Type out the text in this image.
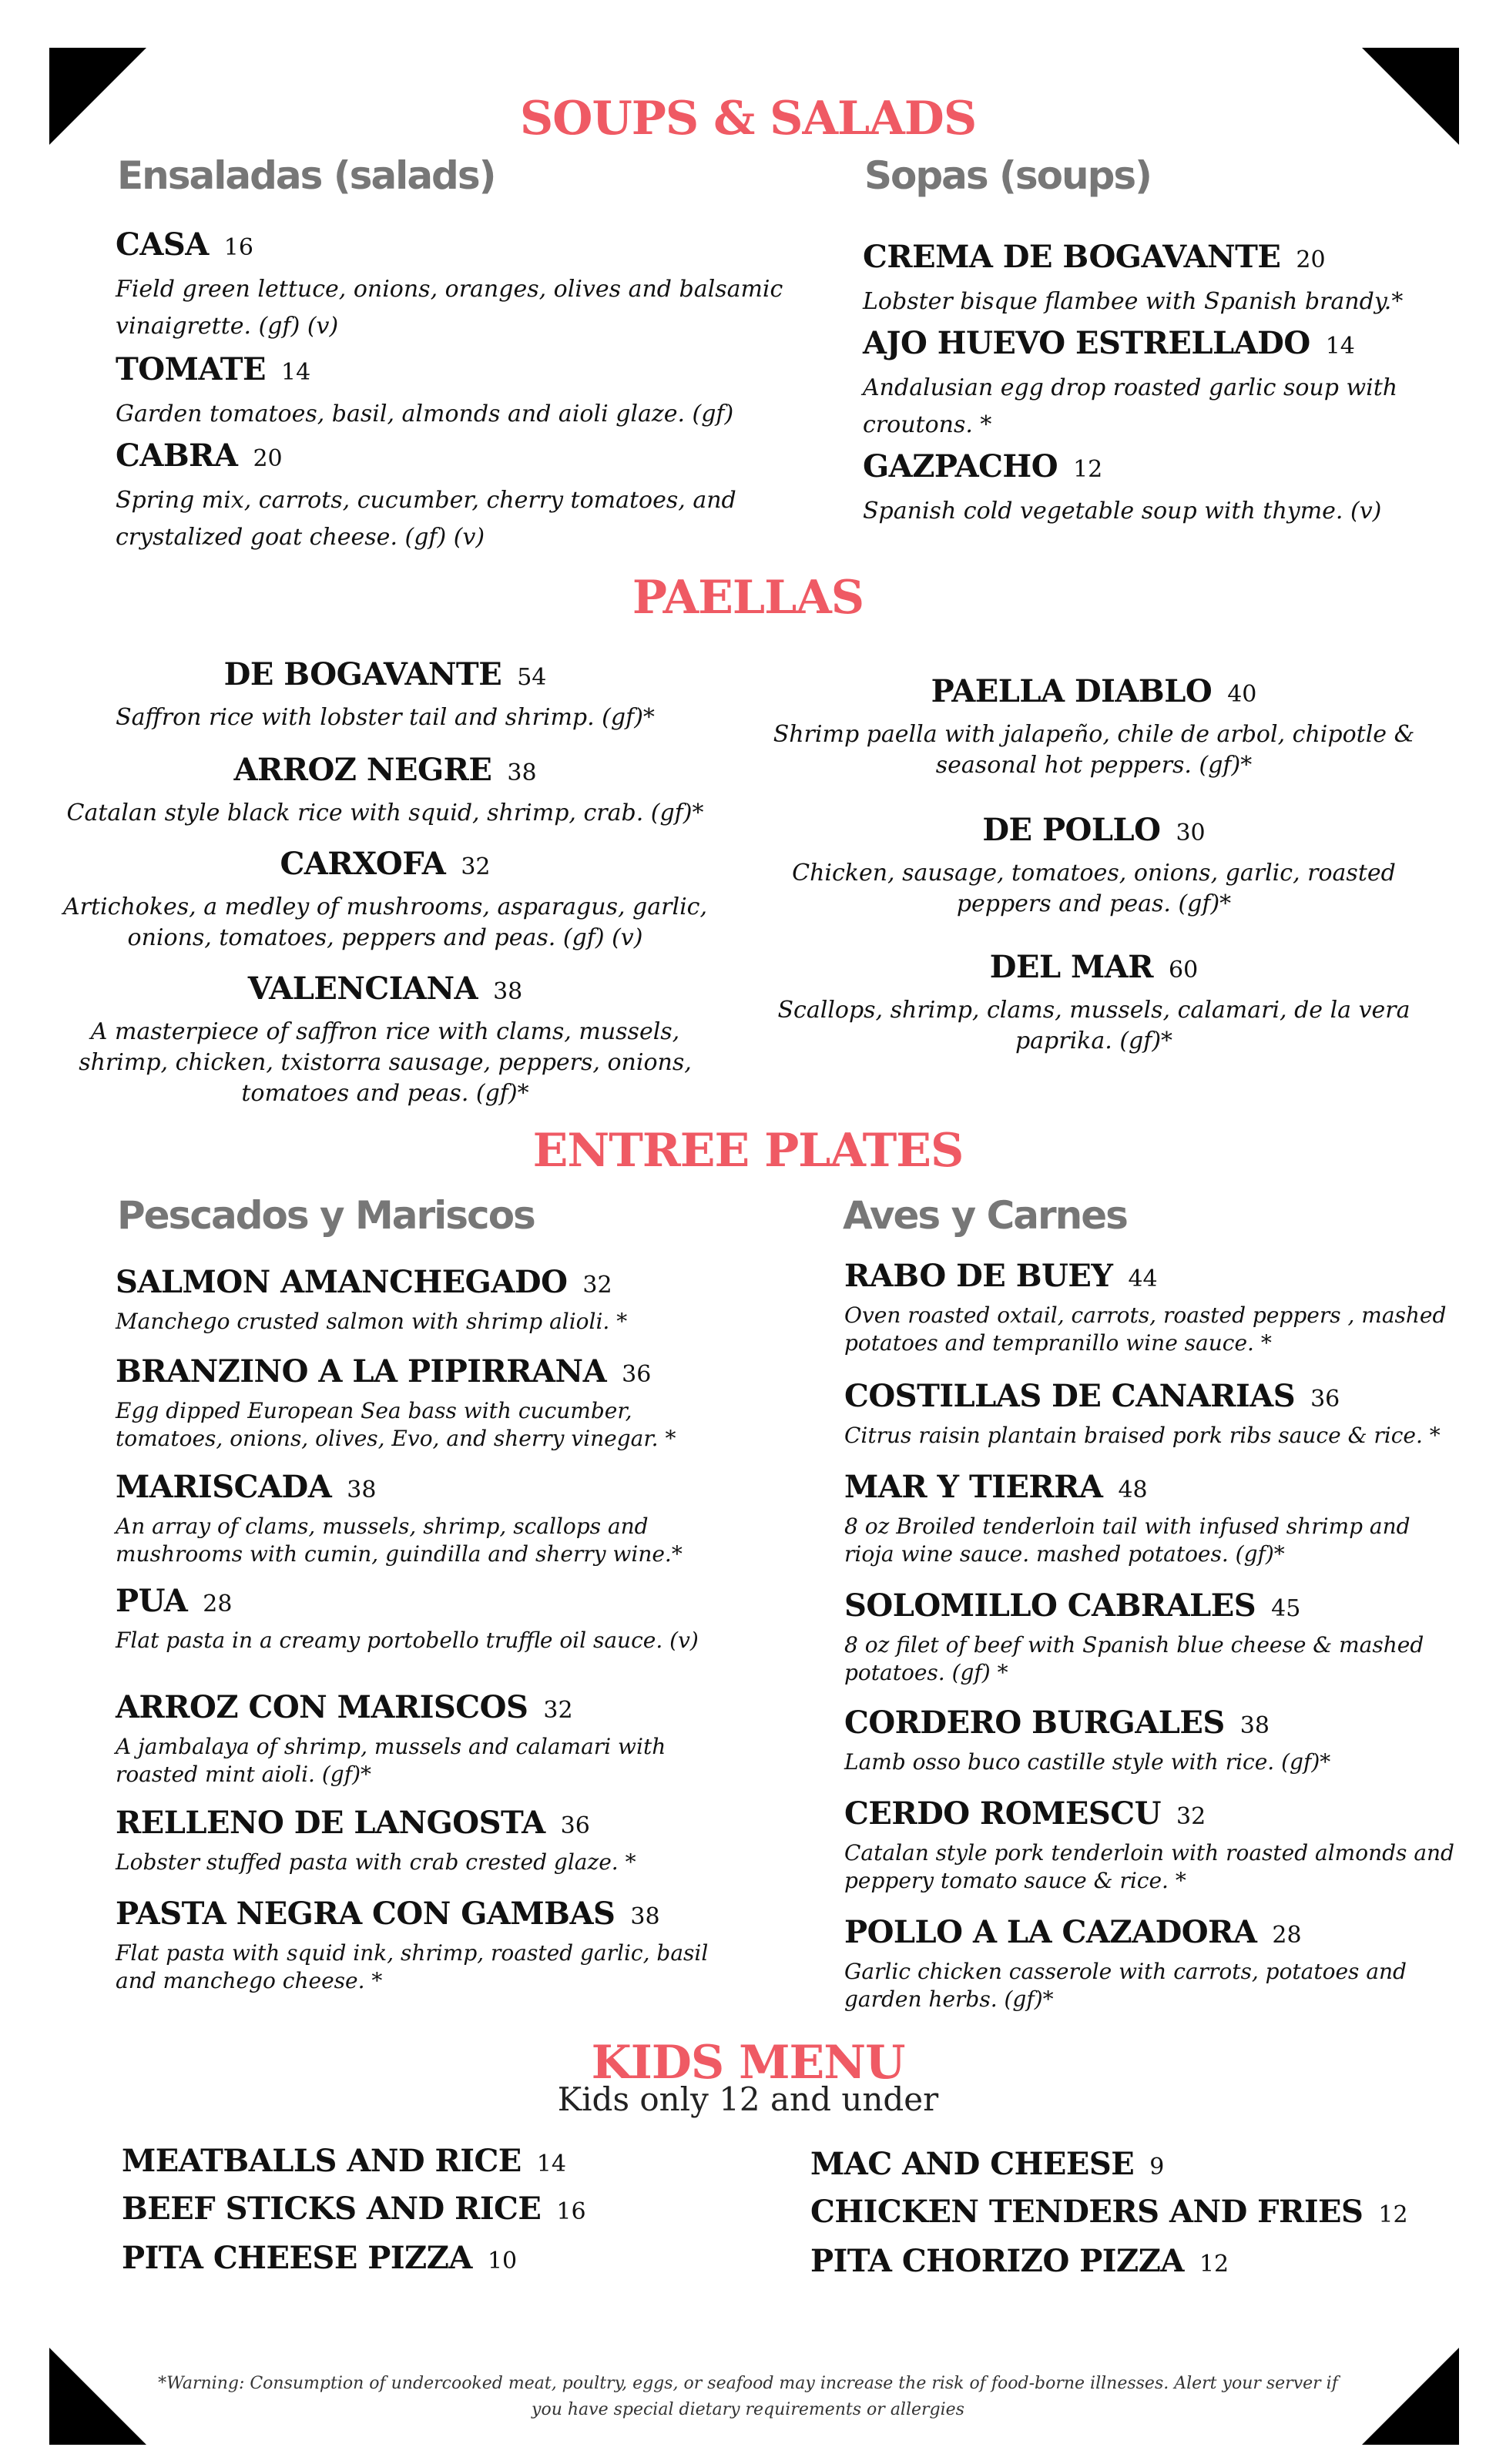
SOUPS & SALADS
Ensaladas (salads)	Sopas (soups)
CASA 16
Field green lettuce, onions, oranges, olives and balsamic vinaigrette. (gf) (v)
TOMATE 14
Garden tomatoes, basil, almonds and aioli glaze. (gf)
CABRA 20
Spring mix, carrots, cucumber, cherry tomatoes, and crystalized goat cheese. (gf) (v)
CREMA DE BOGAVANTE 20
Lobster bisque flambee with Spanish brandy.*
AJO HUEVO ESTRELLADO 14
Andalusian egg drop roasted garlic soup with croutons. *
GAZPACHO 12
Spanish cold vegetable soup with thyme. (v)
PAELLAS
DE BOGAVANTE 54
Saffron rice with lobster tail and shrimp. (gf)*
ARROZ NEGRE 38
Catalan style black rice with squid, shrimp, crab. (gf)*
CARXOFA 32
Artichokes, a medley of mushrooms, asparagus, garlic, onions, tomatoes, peppers and peas. (gf) (v)
VALENCIANA 38
A masterpiece of saffron rice with clams, mussels, shrimp, chicken, txistorra sausage, peppers, onions, tomatoes and peas. (gf)*
PAELLA DIABLO 40
Shrimp paella with jalapeño, chile de arbol, chipotle & seasonal hot peppers. (gf)*
DE POLLO 30
Chicken, sausage, tomatoes, onions, garlic, roasted peppers and peas. (gf)*
DEL MAR 60
Scallops, shrimp, clams, mussels, calamari, de la vera paprika. (gf)*
ENTREE PLATES
Pescados y Mariscos	Aves y Carnes
SALMON AMANCHEGADO 32
Manchego crusted salmon with shrimp alioli. *
BRANZINO A LA PIPIRRANA 36
Egg dipped European Sea bass with cucumber, tomatoes, onions, olives, Evo, and sherry vinegar. *
MARISCADA 38
An array of clams, mussels, shrimp, scallops and mushrooms with cumin, guindilla and sherry wine.*
PUA 28
Flat pasta in a creamy portobello truffle oil sauce. (v)
ARROZ CON MARISCOS 32
A jambalaya of shrimp, mussels and calamari with roasted mint aioli. (gf)*
RELLENO DE LANGOSTA 36
Lobster stuffed pasta with crab crested glaze. *
PASTA NEGRA CON GAMBAS 38
Flat pasta with squid ink, shrimp, roasted garlic, basil and manchego cheese. *
RABO DE BUEY 44
Oven roasted oxtail, carrots, roasted peppers , mashed potatoes and tempranillo wine sauce. *
COSTILLAS DE CANARIAS 36
Citrus raisin plantain braised pork ribs sauce & rice. *
MAR Y TIERRA 48
8 oz Broiled tenderloin tail with infused shrimp and rioja wine sauce. mashed potatoes. (gf)*
SOLOMILLO CABRALES 45
8 oz filet of beef with Spanish blue cheese & mashed potatoes. (gf) *
CORDERO BURGALES 38
Lamb osso buco castille style with rice. (gf)*
CERDO ROMESCU 32
Catalan style pork tenderloin with roasted almonds and peppery tomato sauce & rice. *
POLLO A LA CAZADORA 28
Garlic chicken casserole with carrots, potatoes and garden herbs. (gf)*
KIDS MENU
Kids only 12 and under
MEATBALLS AND RICE 14
BEEF STICKS AND RICE 16
PITA CHEESE PIZZA 10
MAC AND CHEESE 9
CHICKEN TENDERS AND FRIES 12
PITA CHORIZO PIZZA 12
*Warning: Consumption of undercooked meat, poultry, eggs, or seafood may increase the risk of food-borne illnesses. Alert your server if you have special dietary requirements or allergies
